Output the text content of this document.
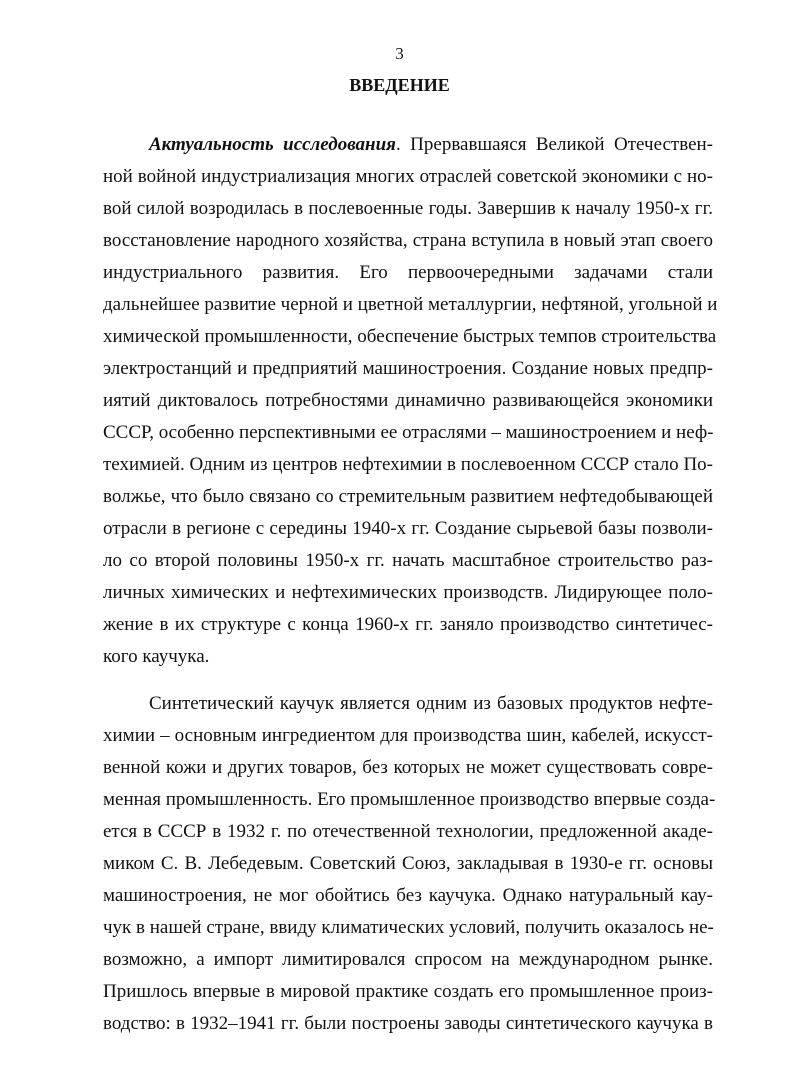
3
ВВЕДЕНИЕ
Актуальность исследования. Прервавшаяся Великой Отечествен-
ной войной индустриализация многих отраслей советской экономики с но-
вой силой возродилась в послевоенные годы. Завершив к началу 1950-х гг.
восстановление народного хозяйства, страна вступила в новый этап своего
индустриального развития. Его первоочередными задачами стали
дальнейшее развитие черной и цветной металлургии, нефтяной, угольной и
химической промышленности, обеспечение быстрых темпов строительства
электростанций и предприятий машиностроения. Создание новых предпр-
иятий диктовалось потребностями динамично развивающейся экономики
СССР, особенно перспективными ее отраслями – машиностроением и неф-
техимией. Одним из центров нефтехимии в послевоенном СССР стало По-
волжье, что было связано со стремительным развитием нефтедобывающей
отрасли в регионе с середины 1940-х гг. Создание сырьевой базы позволи-
ло со второй половины 1950-х гг. начать масштабное строительство раз-
личных химических и нефтехимических производств. Лидирующее поло-
жение в их структуре с конца 1960-х гг. заняло производство синтетичес-
кого каучука.
Синтетический каучук является одним из базовых продуктов нефте-
химии – основным ингредиентом для производства шин, кабелей, искусст-
венной кожи и других товаров, без которых не может существовать совре-
менная промышленность. Его промышленное производство впервые созда-
ется в СССР в 1932 г. по отечественной технологии, предложенной акаде-
миком С. В. Лебедевым. Советский Союз, закладывая в 1930-е гг. основы
машиностроения, не мог обойтись без каучука. Однако натуральный кау-
чук в нашей стране, ввиду климатических условий, получить оказалось не-
возможно, а импорт лимитировался спросом на международном рынке.
Пришлось впервые в мировой практике создать его промышленное произ-
водство: в 1932–1941 гг. были построены заводы синтетического каучука в
